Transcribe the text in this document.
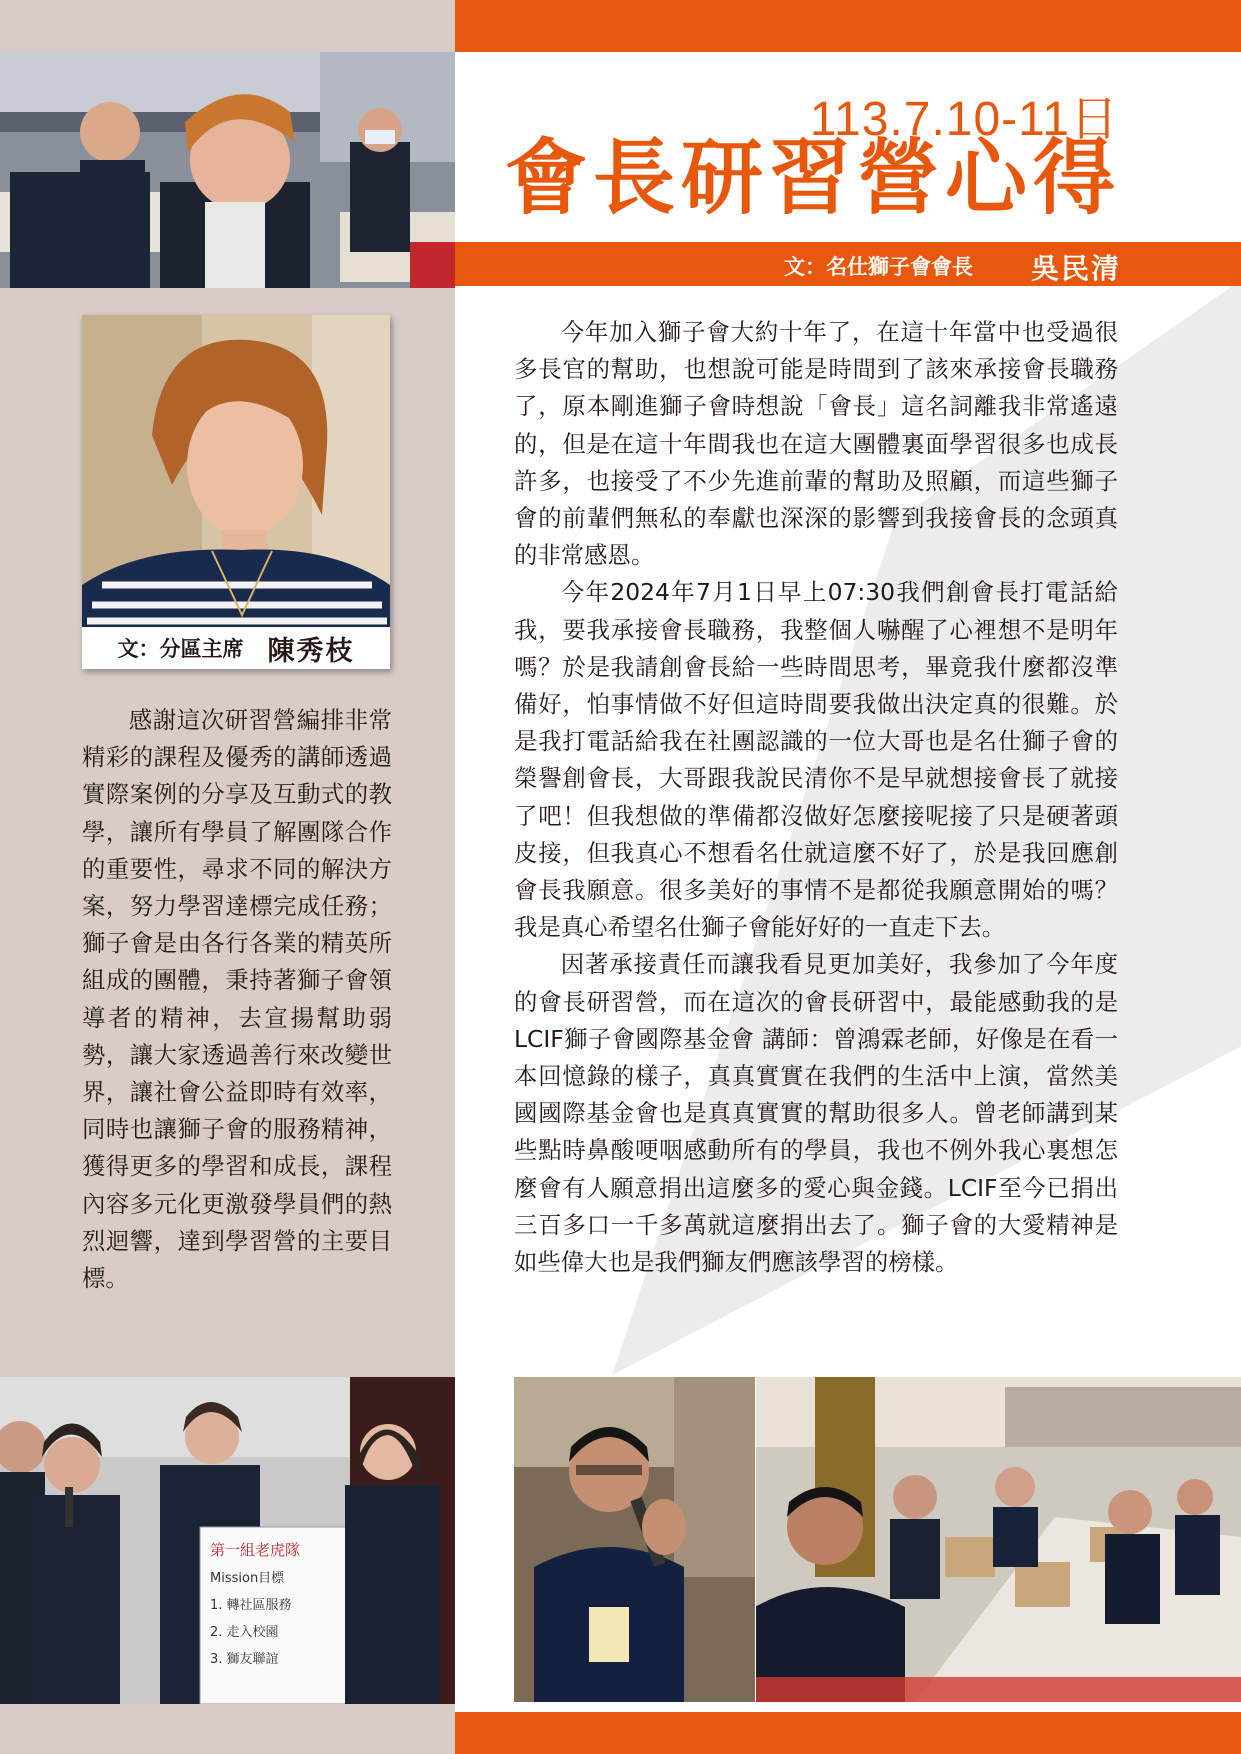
文：分區主席 陳秀枝

感謝這次研習營編排非常精彩的課程及優秀的講師透過實際案例的分享及互動式的教學，讓所有學員了解團隊合作的重要性，尋求不同的解決方案，努力學習達標完成任務；獅子會是由各行各業的精英所組成的團體，秉持著獅子會領導者的精神，去宣揚幫助弱勢，讓大家透過善行來改變世界，讓社會公益即時有效率，同時也讓獅子會的服務精神，獲得更多的學習和成長，課程內容多元化更激發學員們的熱烈迴響，達到學習營的主要目標。

113.7.10-11日
會長研習營心得
文：名仕獅子會會長 吳民清

今年加入獅子會大約十年了，在這十年當中也受過很多長官的幫助，也想說可能是時間到了該來承接會長職務了，原本剛進獅子會時想說「會長」這名詞離我非常遙遠的，但是在這十年間我也在這大團體裏面學習很多也成長許多，也接受了不少先進前輩的幫助及照顧，而這些獅子會的前輩們無私的奉獻也深深的影響到我接會長的念頭真的非常感恩。

今年2024年7月1日早上07:30我們創會長打電話給我，要我承接會長職務，我整個人嚇醒了心裡想不是明年嗎？於是我請創會長給一些時間思考，畢竟我什麼都沒準備好，怕事情做不好但這時間要我做出決定真的很難。於是我打電話給我在社團認識的一位大哥也是名仕獅子會的榮譽創會長，大哥跟我說民清你不是早就想接會長了就接了吧！但我想做的準備都沒做好怎麼接呢接了只是硬著頭皮接，但我真心不想看名仕就這麼不好了，於是我回應創會長我願意。很多美好的事情不是都從我願意開始的嗎？我是真心希望名仕獅子會能好好的一直走下去。

因著承接責任而讓我看見更加美好，我參加了今年度的會長研習營，而在這次的會長研習中，最能感動我的是LCIF獅子會國際基金會 講師：曾鴻霖老師，好像是在看一本回憶錄的樣子，真真實實在我們的生活中上演，當然美國國際基金會也是真真實實的幫助很多人。曾老師講到某些點時鼻酸哽咽感動所有的學員，我也不例外我心裏想怎麼會有人願意捐出這麼多的愛心與金錢。LCIF至今已捐出三百多口一千多萬就這麼捐出去了。獅子會的大愛精神是如些偉大也是我們獅友們應該學習的榜樣。

第一組老虎隊
Mission目標
1. 轉社區服務
2. 走入校園
3. 獅友聯誼
